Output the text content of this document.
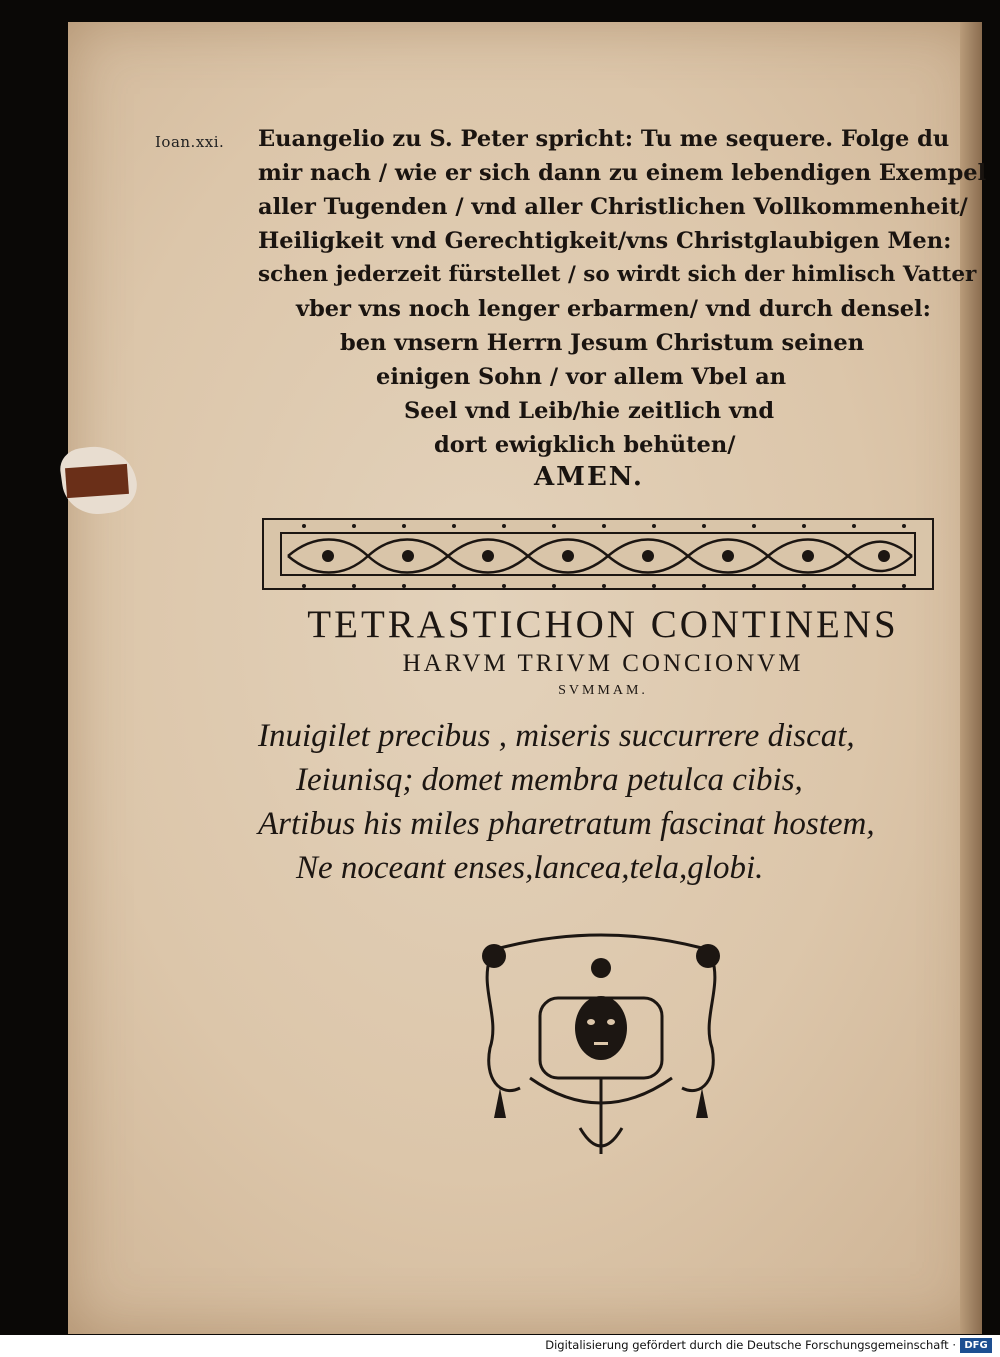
Ioan.xxi. Euangelio zu S. Peter spricht: Tu me sequere. Folge du
mir nach / wie er sich dann zu einem lebendigen Exempel
aller Tugenden / vnd aller Christlichen Vollkommenheit/
Heiligkeit vnd Gerechtigkeit/vns Christglaubigen Men:
schen jederzeit fürstellet / so wirdt sich der himlisch Vatter
vber vns noch lenger erbarmen/ vnd durch densel:
ben vnsern Herrn Jesum Christum seinen
einigen Sohn / vor allem Vbel an
Seel vnd Leib/hie zeitlich vnd
dort ewigklich behüten/
AMEN.
TETRASTICHON CONTINENS
HARVM TRIVM CONCIONVM
SVMMAM.
Inuigilet precibus , miseris succurrere discat,
Ieiunisq; domet membra petulca cibis,
Artibus his miles pharetratum fascinat hostem,
Ne noceant enses,lancea,tela,globi.
Digitalisierung gefördert durch die Deutsche Forschungsgemeinschaft · DFG
